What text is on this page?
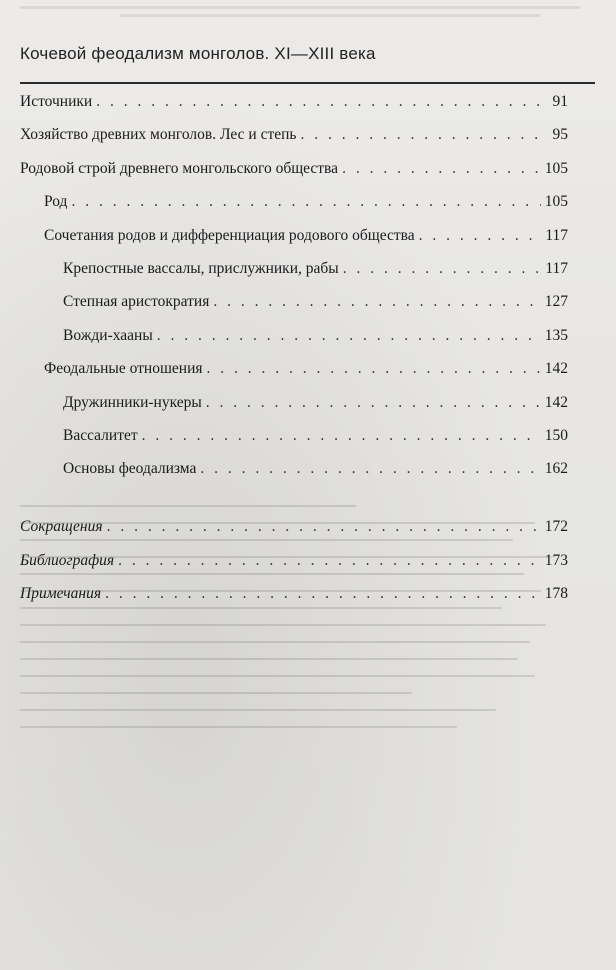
Кочевой феодализм монголов. XI—XIII века
Источники . . .	91
Хозяйство древних монголов. Лес и степь . . .	95
Родовой строй древнего монгольского общества . . .	105
Род . . .	105
Сочетания родов и дифференциация родового общества . . .	117
Крепостные вассалы, прислужники, рабы . . .	117
Степная аристократия . . .	127
Вожди-хааны . . .	135
Феодальные отношения . . .	142
Дружинники-нукеры . . .	142
Вассалитет . . .	150
Основы феодализма . . .	162
Сокращения . . .	172
Библиография . . .	173
Примечания . . .	178
